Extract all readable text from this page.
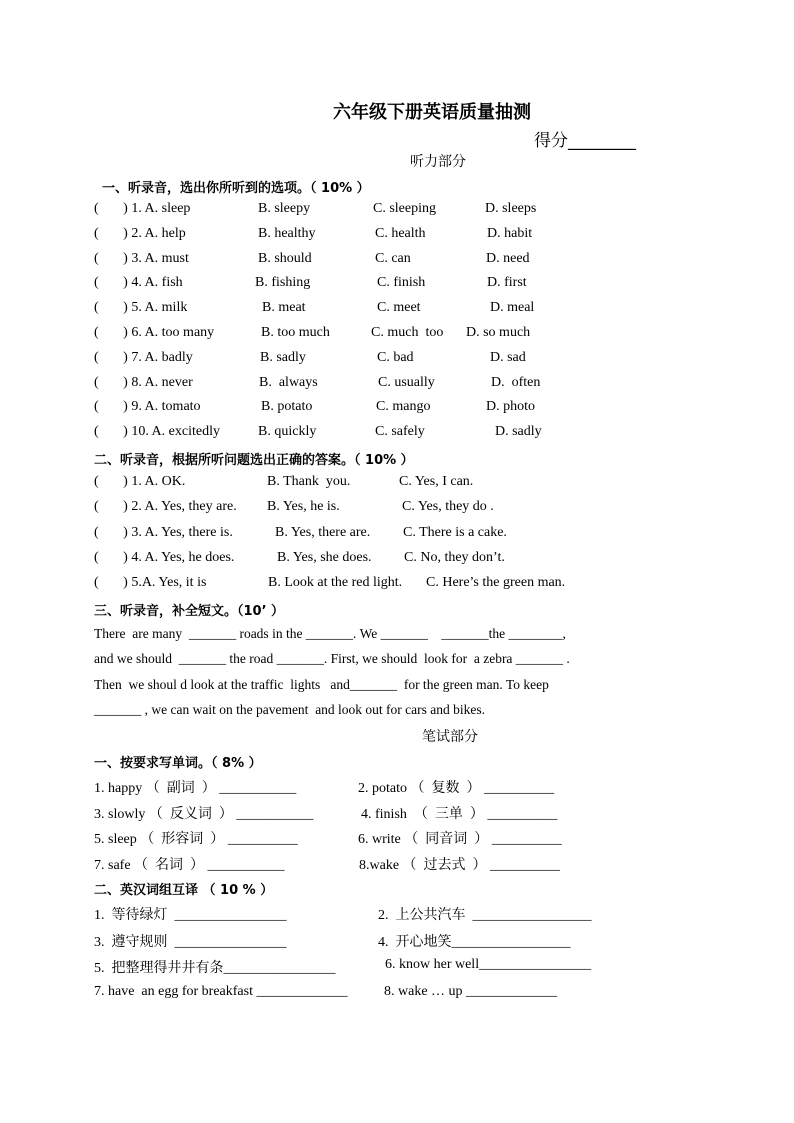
六年级下册英语质量抽测
得分________
听力部分
一、听录音，选出你所听到的选项。（ 10% ）
(       ) 1. A. sleep	B. sleepy	C. sleeping	D. sleeps
(       ) 2. A. help	B. healthy	C. health	D. habit
(       ) 3. A. must	B. should	C. can	D. need
(       ) 4. A. fish	B. fishing	C. finish	D. first
(       ) 5. A. milk	B. meat	C. meet	D. meal
(       ) 6. A. too many	B. too much	C. much  too D. so much
(       ) 7. A. badly	B. sadly	C. bad	D. sad
(       ) 8. A. never	B.  always	C. usually	D.  often
(       ) 9. A. tomato	B. potato	C. mango	D. photo
(       ) 10. A. excitedly	B. quickly	C. safely	D. sadly
二、听录音，根据所听问题选出正确的答案。（ 10% ）
(       ) 1. A. OK.	B. Thank  you.	C. Yes, I can.
(       ) 2. A. Yes, they are. B. Yes, he is.	C. Yes, they do .
(       ) 3. A. Yes, there is.	B. Yes, there are. C. There is a cake.
(       ) 4. A. Yes, he does.	B. Yes, she does. C. No, they don’t.
(       ) 5.A. Yes, it is	B. Look at the red light. C. Here’s the green man.
三、听录音，补全短文。（10’ ）
There  are many  _______ roads in the _______. We _______    _______the ________,
and we should  _______ the road _______. First, we should  look for  a zebra _______ .
Then  we shoul d look at the traffic  lights   and_______  for the green man. To keep
_______ , we can wait on the pavement  and look out for cars and bikes.
笔试部分
一、按要求写单词。（ 8% ）
1. happy （  副词  ） ___________	2. potato （  复数  ） __________
3. slowly （  反义词  ） ___________	4. finish  （  三单  ） __________
5. sleep （  形容词  ） __________	6. write （  同音词  ） __________
7. safe （  名词  ） ___________	8.wake （  过去式  ） __________
二、英汉词组互译 （ 10 % ）
1.  等待绿灯  ________________	2.  上公共汽车  _________________
3.  遵守规则  ________________	4.  开心地笑_________________
5.  把整理得井井有条________________	6. know her well________________
7. have  an egg for breakfast _____________	8. wake … up _____________
